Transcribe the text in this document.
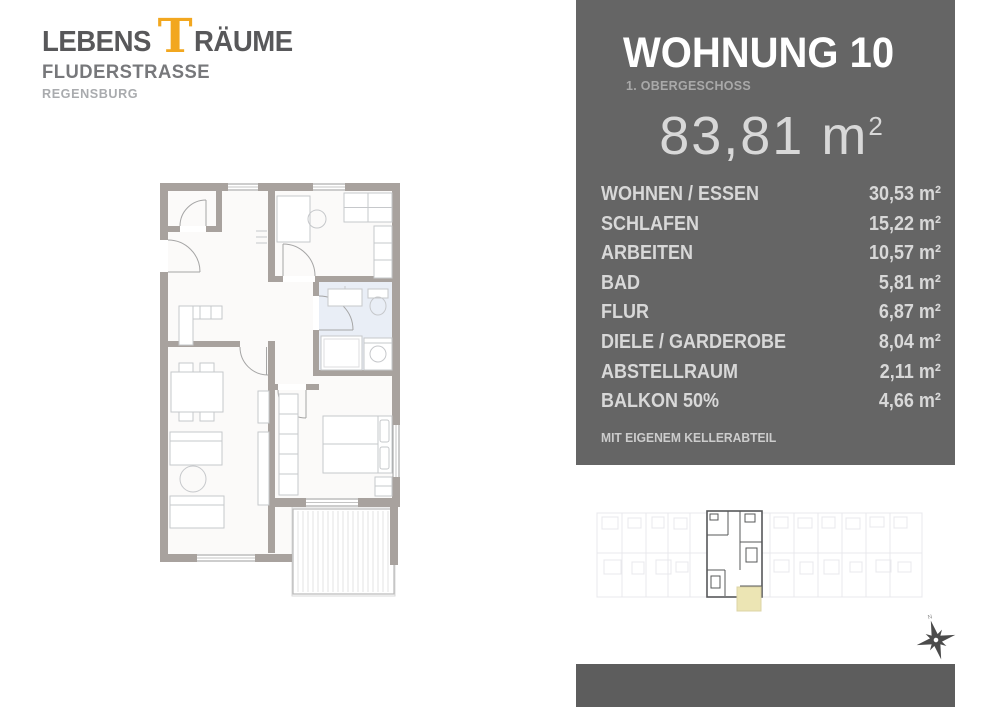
LEBENS T RÄUME
FLUDERSTRASSE
REGENSBURG
WOHNUNG 10
1. OBERGESCHOSS
83,81 $m^2$
WOHNEN / ESSEN	30,53 m²
SCHLAFEN	15,22 m²
ARBEITEN	10,57 m²
BAD	5,81 m²
FLUR	6,87 m²
DIELE / GARDEROBE	8,04 m²
ABSTELLRAUM	2,11 m²
BALKON 50%	4,66 m²
MIT EIGENEM KELLERABTEIL
N
